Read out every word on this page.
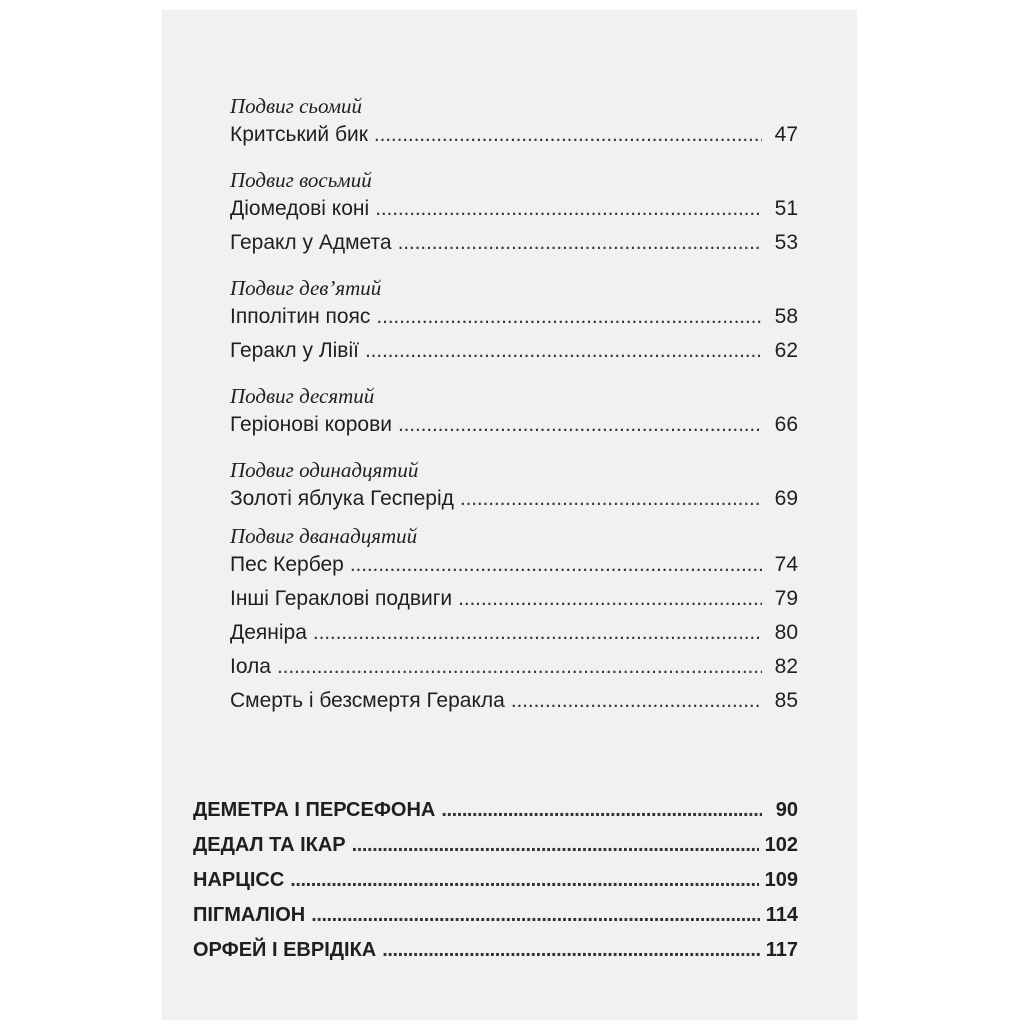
Подвиг сьомий
Критський бик . . .	47
Подвиг восьмий
Діомедові коні . . .	51
Геракл у Адмета . . .	53
Подвиг дев’ятий
Іпполітин пояс . . .	58
Геракл у Лівії . . .	62
Подвиг десятий
Геріонові корови . . .	66
Подвиг одинадцятий
Золоті яблука Гесперід . . .	69
Подвиг дванадцятий
Пес Кербер . . .	74
Інші Гераклові подвиги . . .	79
Деяніра . . .	80
Іола . . .	82
Смерть і безсмертя Геракла . . .	85
ДЕМЕТРА І ПЕРСЕФОНА . . .	90
ДЕДАЛ ТА ІКАР . . .	102
НАРЦІСС . . .	109
ПІГМАЛІОН . . .	114
ОРФЕЙ І ЕВРІДІКА . . .	117
